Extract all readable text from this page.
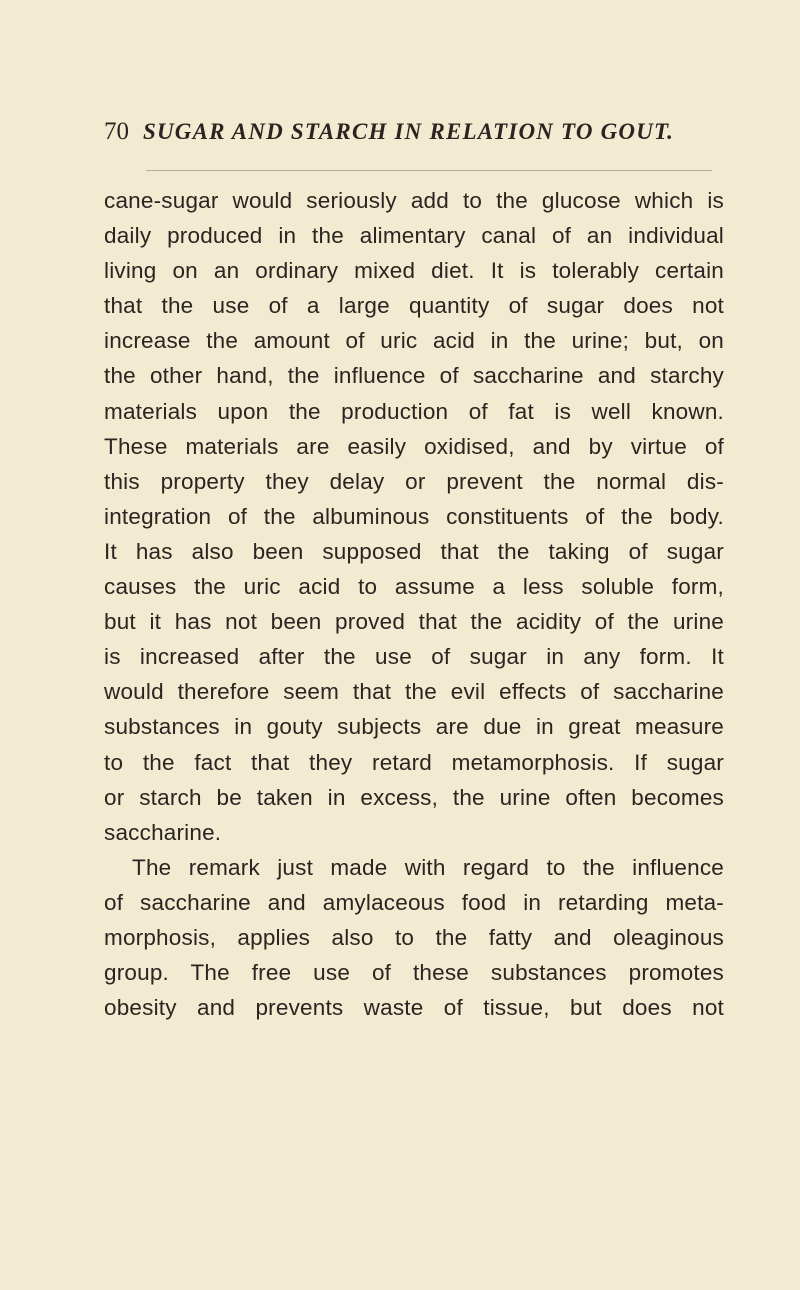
70 SUGAR AND STARCH IN RELATION TO GOUT.
cane-sugar would seriously add to the glucose which is
daily produced in the alimentary canal of an individual
living on an ordinary mixed diet. It is tolerably certain
that the use of a large quantity of sugar does not
increase the amount of uric acid in the urine; but, on
the other hand, the influence of saccharine and starchy
materials upon the production of fat is well known.
These materials are easily oxidised, and by virtue of
this property they delay or prevent the normal dis-
integration of the albuminous constituents of the body.
It has also been supposed that the taking of sugar
causes the uric acid to assume a less soluble form,
but it has not been proved that the acidity of the urine
is increased after the use of sugar in any form. It
would therefore seem that the evil effects of saccharine
substances in gouty subjects are due in great measure
to the fact that they retard metamorphosis. If sugar
or starch be taken in excess, the urine often becomes
saccharine.
The remark just made with regard to the influence
of saccharine and amylaceous food in retarding meta-
morphosis, applies also to the fatty and oleaginous
group. The free use of these substances promotes
obesity and prevents waste of tissue, but does not
